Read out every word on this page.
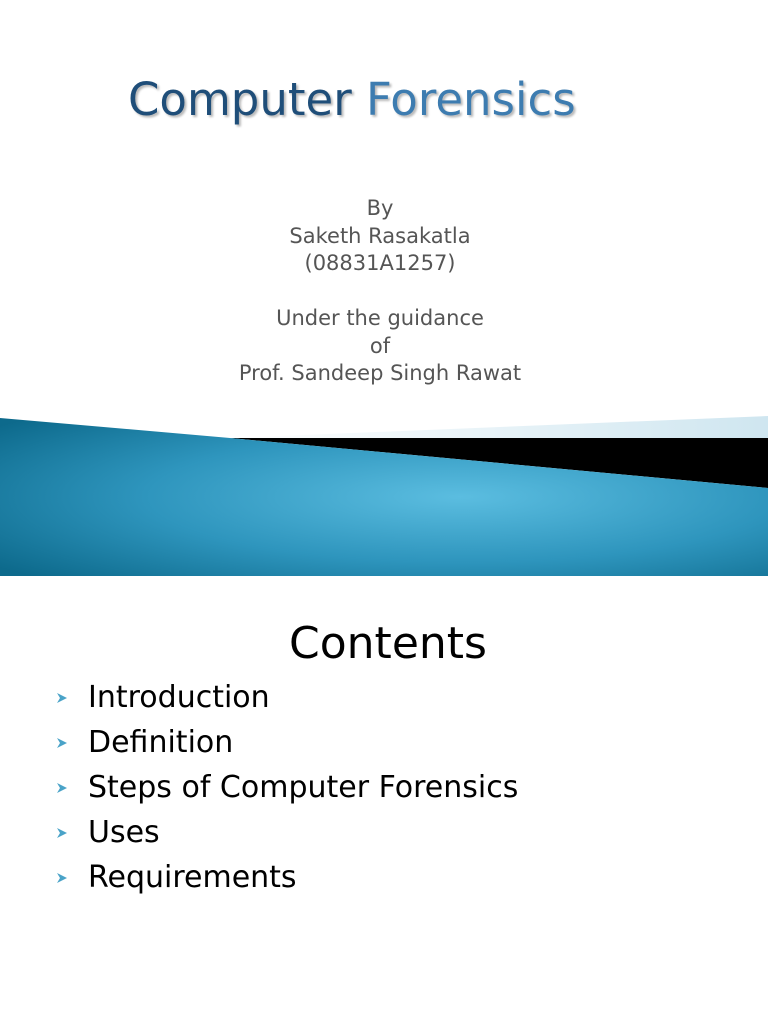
Computer Forensics
By
Saketh Rasakatla
(08831A1257)
Under the guidance
of
Prof. Sandeep Singh Rawat
Contents
Introduction
Definition
Steps of Computer Forensics
Uses
Requirements
